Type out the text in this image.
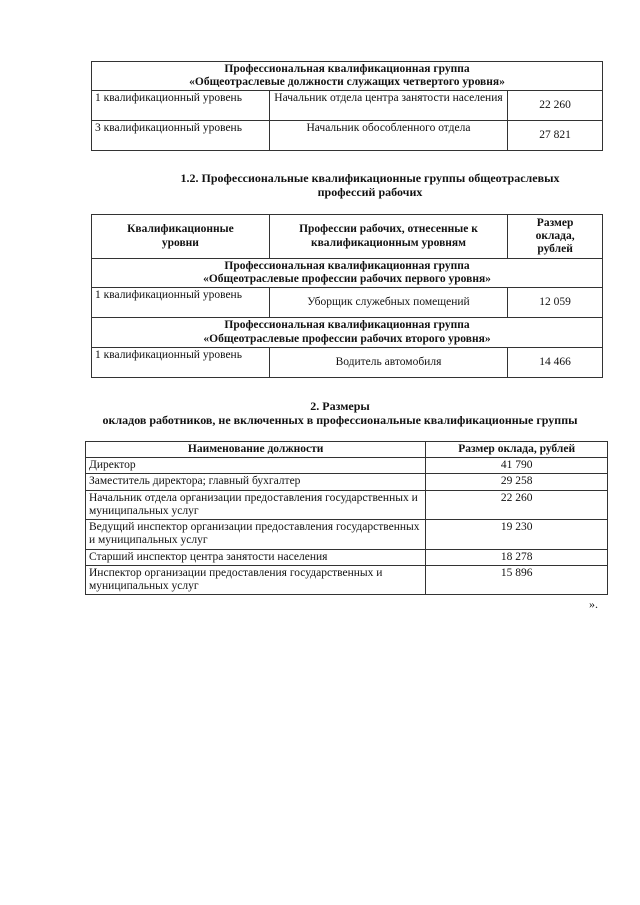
Профессиональная квалификационная группа
«Общеотраслевые должности служащих четвертого уровня»		

1 квалификационный уровень	Начальник отдела центра занятости населения	22 260
3 квалификационный уровень	Начальник обособленного отдела	27 821
1.2. Профессиональные квалификационные группы общеотраслевых
профессий рабочих
Квалификационные уровни	Профессии рабочих, отнесенные к квалификационным уровням	Размер оклада, рублей

Профессиональная квалификационная группа
«Общеотраслевые профессии рабочих первого уровня»		

1 квалификационный уровень	Уборщик служебных помещений	12 059

Профессиональная квалификационная группа
«Общеотраслевые профессии рабочих второго уровня»		

1 квалификационный уровень	Водитель автомобиля	14 466
2. Размеры
окладов работников, не включенных в профессиональные квалификационные группы
Наименование должности	Размер оклада, рублей
Директор	41 790
Заместитель директора; главный бухгалтер	29 258
Начальник отдела организации предоставления государственных и муниципальных услуг	22 260
Ведущий инспектор организации предоставления государственных и муниципальных услуг	19 230
Старший инспектор центра занятости населения	18 278
Инспектор организации предоставления государственных и муниципальных услуг	15 896
».
